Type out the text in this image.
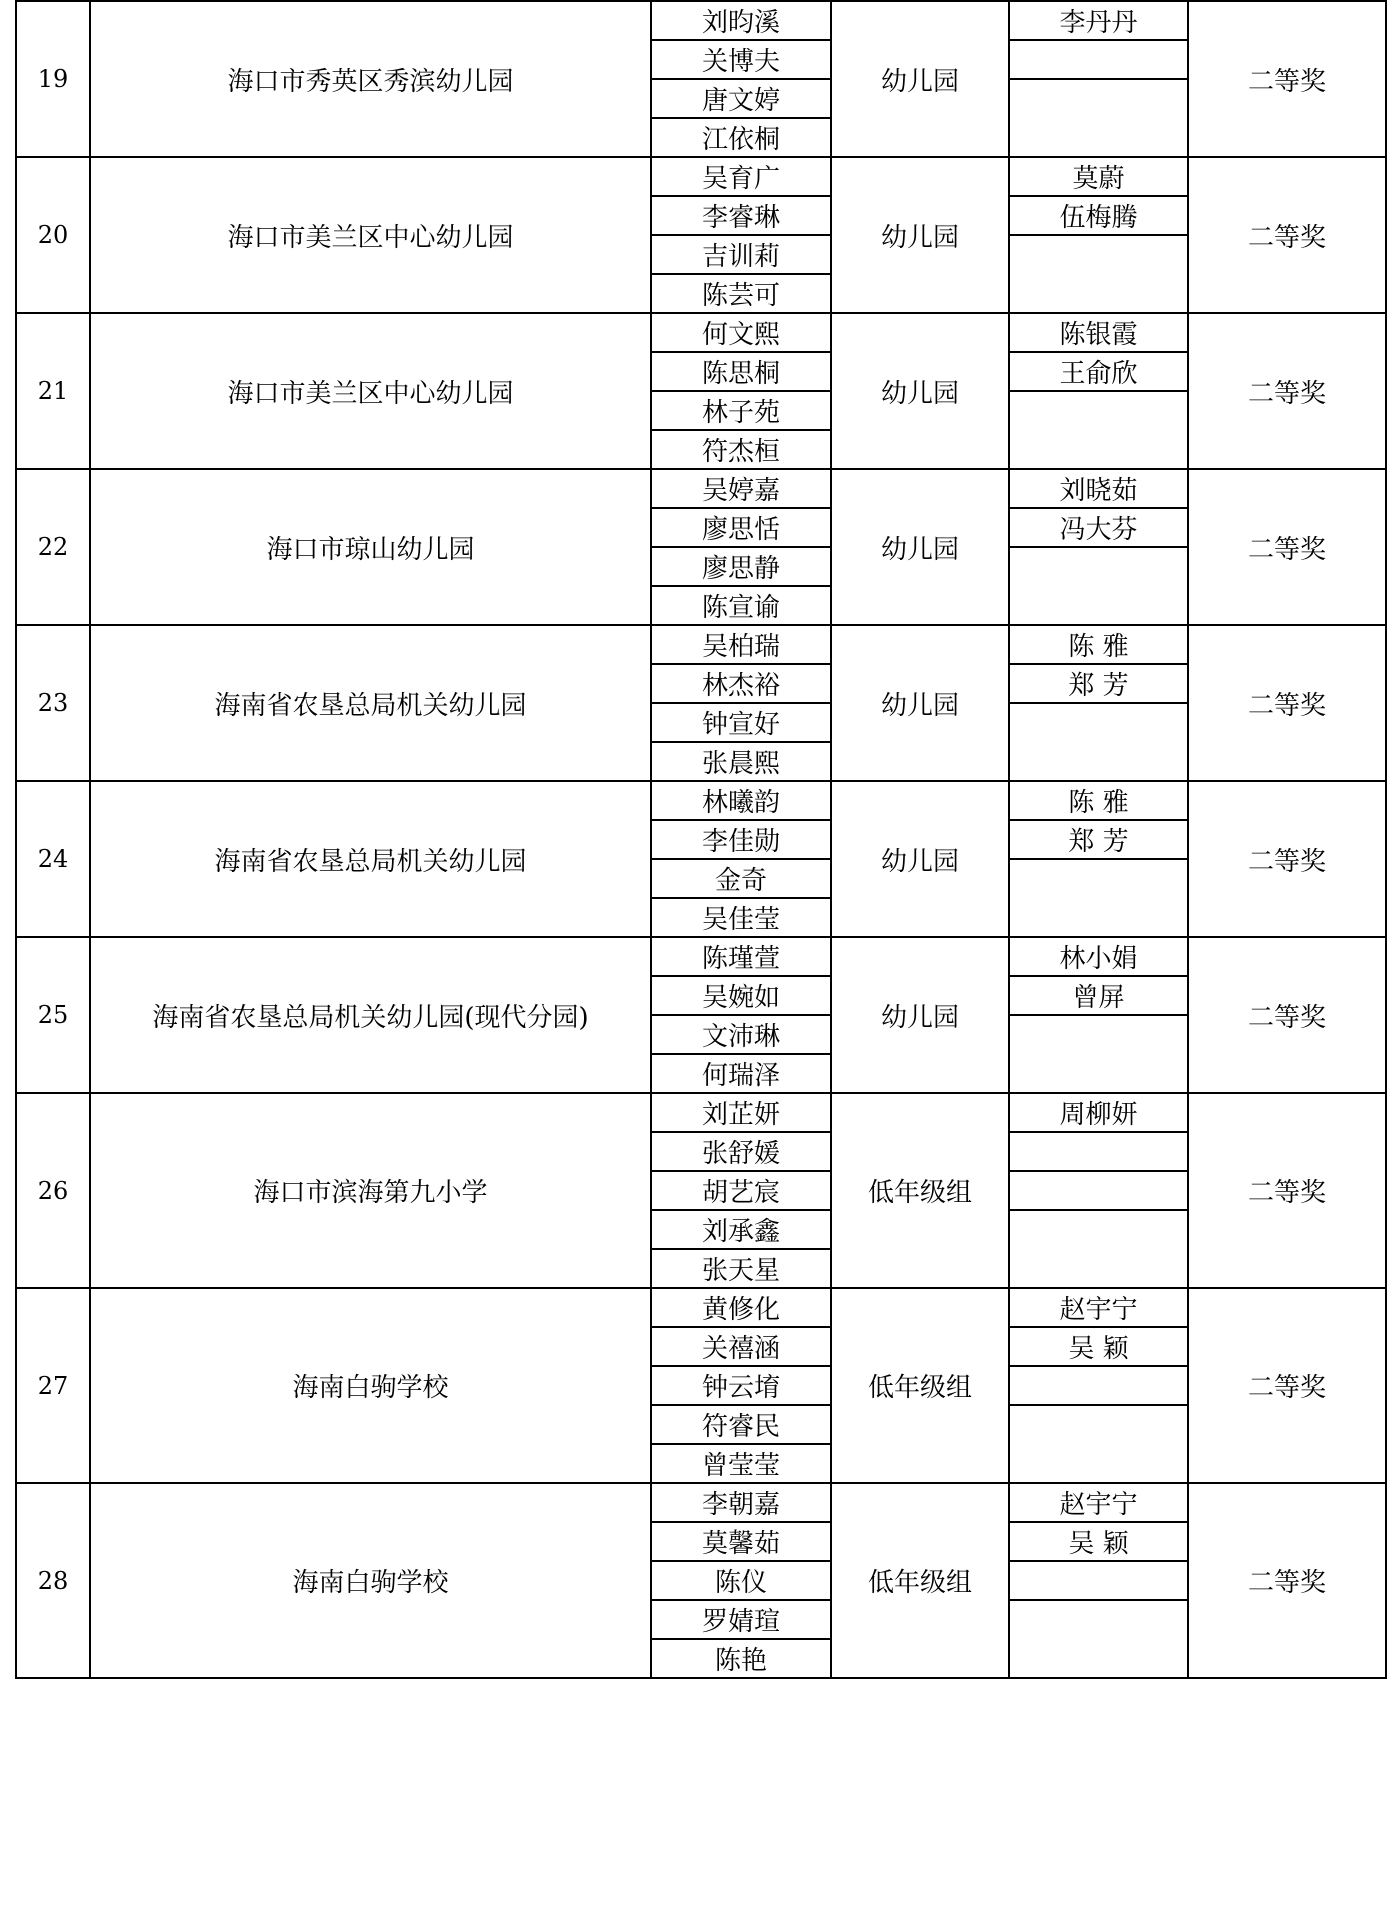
19	海口市秀英区秀滨幼儿园	刘昀溪	幼儿园	李丹丹	二等奖
		关博夫			
		唐文婷			
		江依桐			
20	海口市美兰区中心幼儿园	吴育广	幼儿园	莫蔚	二等奖
		李睿琳		伍梅腾	
		吉训莉			
		陈芸可			
21	海口市美兰区中心幼儿园	何文熙	幼儿园	陈银霞	二等奖
		陈思桐		王俞欣	
		林子苑			
		符杰桓			
22	海口市琼山幼儿园	吴婷嘉	幼儿园	刘晓茹	二等奖
		廖思恬		冯大芬	
		廖思静			
		陈宣谕			
23	海南省农垦总局机关幼儿园	吴柏瑞	幼儿园	陈 雅	二等奖
		林杰裕		郑 芳	
		钟宣好			
		张晨熙			
24	海南省农垦总局机关幼儿园	林曦韵	幼儿园	陈 雅	二等奖
		李佳勋		郑 芳	
		金奇			
		吴佳莹			
25	海南省农垦总局机关幼儿园(现代分园)	陈瑾萱	幼儿园	林小娟	二等奖
		吴婉如		曾屏	
		文沛琳			
		何瑞泽			
26	海口市滨海第九小学	刘芷妍	低年级组	周柳妍	二等奖
		张舒媛			
		胡艺宸			
		刘承鑫			
		张天星			
27	海南白驹学校	黄修化	低年级组	赵宇宁	二等奖
		关禧涵		吴 颖	
		钟云堉			
		符睿民			
		曾莹莹			
28	海南白驹学校	李朝嘉	低年级组	赵宇宁	二等奖
		莫馨茹		吴 颖	
		陈仪			
		罗婧瑄			
		陈艳			
